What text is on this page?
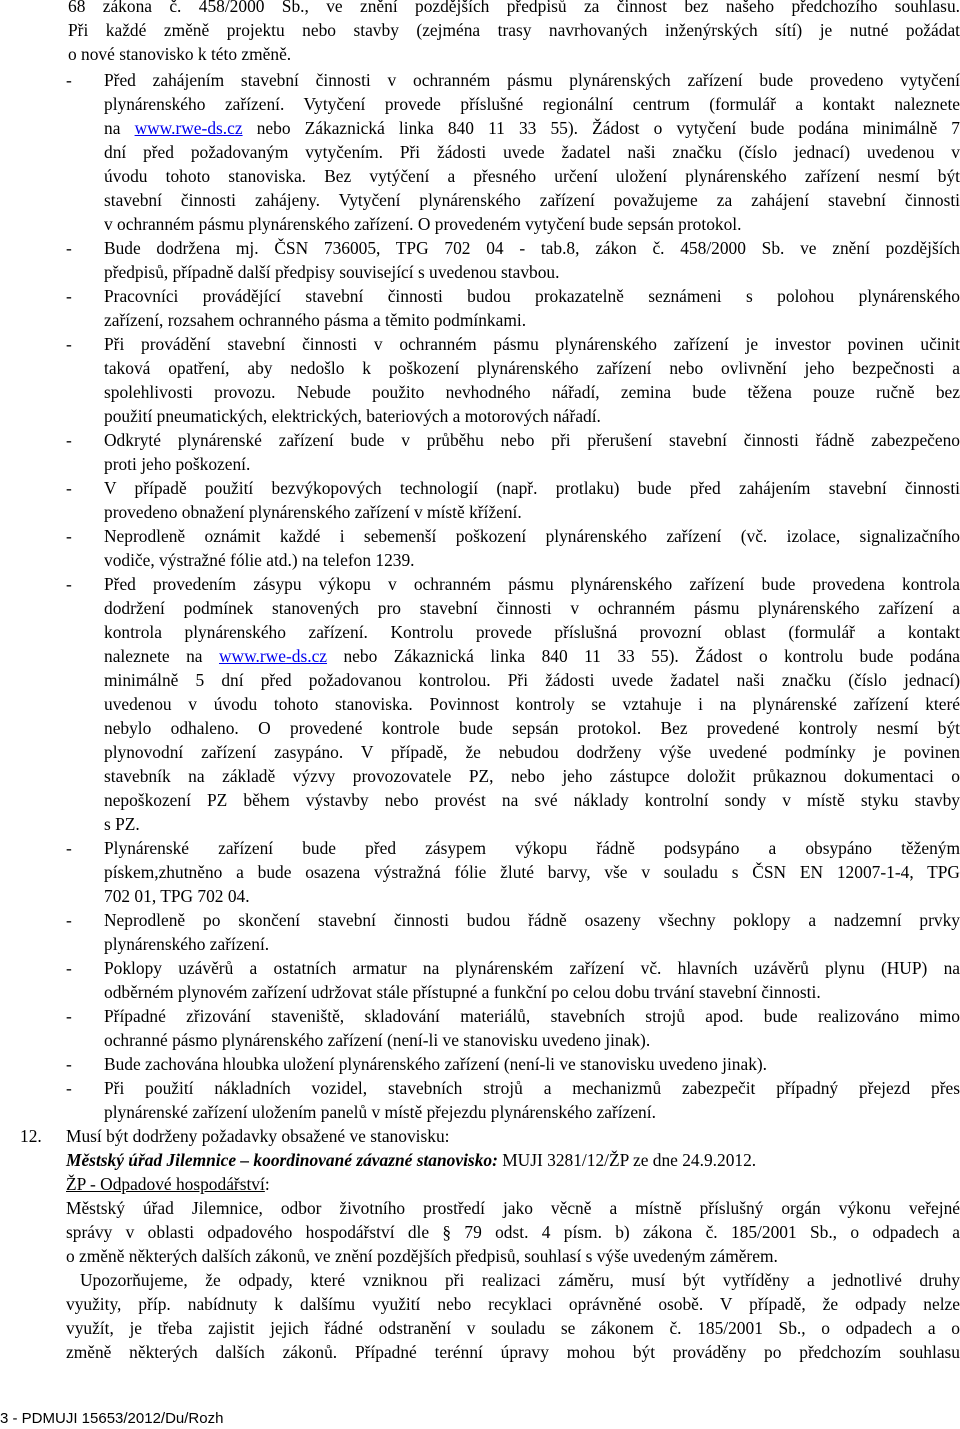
68 zákona č. 458/2000 Sb., ve znění pozdějších předpisů za činnost bez našeho předchozího souhlasu.
Při každé změně projektu nebo stavby (zejména trasy navrhovaných inženýrských sítí) je nutné požádat
o nové stanovisko k této změně.
- Před zahájením stavební činnosti v ochranném pásmu plynárenských zařízení bude provedeno vytyčení
plynárenského zařízení. Vytyčení provede příslušné regionální centrum (formulář a kontakt naleznete
na www.rwe-ds.cz nebo Zákaznická linka 840 11 33 55). Žádost o vytyčení bude podána minimálně 7
dní před požadovaným vytyčením. Při žádosti uvede žadatel naši značku (číslo jednací) uvedenou v
úvodu tohoto stanoviska. Bez vytýčení a přesného určení uložení plynárenského zařízení nesmí být
stavební činnosti zahájeny. Vytyčení plynárenského zařízení považujeme za zahájení stavební činnosti
v ochranném pásmu plynárenského zařízení. O provedeném vytyčení bude sepsán protokol.
- Bude dodržena mj. ČSN 736005, TPG 702 04 - tab.8, zákon č. 458/2000 Sb. ve znění pozdějších
předpisů, případně další předpisy související s uvedenou stavbou.
- Pracovníci provádějící stavební činnosti budou prokazatelně seznámeni s polohou plynárenského
zařízení, rozsahem ochranného pásma a těmito podmínkami.
- Při provádění stavební činnosti v ochranném pásmu plynárenského zařízení je investor povinen učinit
taková opatření, aby nedošlo k poškození plynárenského zařízení nebo ovlivnění jeho bezpečnosti a
spolehlivosti provozu. Nebude použito nevhodného nářadí, zemina bude těžena pouze ručně bez
použití pneumatických, elektrických, bateriových a motorových nářadí.
- Odkryté plynárenské zařízení bude v průběhu nebo při přerušení stavební činnosti řádně zabezpečeno
proti jeho poškození.
- V případě použití bezvýkopových technologií (např. protlaku) bude před zahájením stavební činnosti
provedeno obnažení plynárenského zařízení v místě křížení.
- Neprodleně oznámit každé i sebemenší poškození plynárenského zařízení (vč. izolace, signalizačního
vodiče, výstražné fólie atd.) na telefon 1239.
- Před provedením zásypu výkopu v ochranném pásmu plynárenského zařízení bude provedena kontrola
dodržení podmínek stanovených pro stavební činnosti v ochranném pásmu plynárenského zařízení a
kontrola plynárenského zařízení. Kontrolu provede příslušná provozní oblast (formulář a kontakt
naleznete na www.rwe-ds.cz nebo Zákaznická linka 840 11 33 55). Žádost o kontrolu bude podána
minimálně 5 dní před požadovanou kontrolou. Při žádosti uvede žadatel naši značku (číslo jednací)
uvedenou v úvodu tohoto stanoviska. Povinnost kontroly se vztahuje i na plynárenské zařízení které
nebylo odhaleno. O provedené kontrole bude sepsán protokol. Bez provedené kontroly nesmí být
plynovodní zařízení zasypáno. V případě, že nebudou dodrženy výše uvedené podmínky je povinen
stavebník na základě výzvy provozovatele PZ, nebo jeho zástupce doložit průkaznou dokumentaci o
nepoškození PZ během výstavby nebo provést na své náklady kontrolní sondy v místě styku stavby
s PZ.
- Plynárenské zařízení bude před zásypem výkopu řádně podsypáno a obsypáno těženým
pískem,zhutněno a bude osazena výstražná fólie žluté barvy, vše v souladu s ČSN EN 12007-1-4, TPG
702 01, TPG 702 04.
- Neprodleně po skončení stavební činnosti budou řádně osazeny všechny poklopy a nadzemní prvky
plynárenského zařízení.
- Poklopy uzávěrů a ostatních armatur na plynárenském zařízení vč. hlavních uzávěrů plynu (HUP) na
odběrném plynovém zařízení udržovat stále přístupné a funkční po celou dobu trvání stavební činnosti.
- Případné zřizování staveniště, skladování materiálů, stavebních strojů apod. bude realizováno mimo
ochranné pásmo plynárenského zařízení (není-li ve stanovisku uvedeno jinak).
- Bude zachována hloubka uložení plynárenského zařízení (není-li ve stanovisku uvedeno jinak).
- Při použití nákladních vozidel, stavebních strojů a mechanizmů zabezpečit případný přejezd přes
plynárenské zařízení uložením panelů v místě přejezdu plynárenského zařízení.
12. Musí být dodrženy požadavky obsažené ve stanovisku:
Městský úřad Jilemnice – koordinované závazné stanovisko: MUJI 3281/12/ŽP ze dne 24.9.2012.
ŽP - Odpadové hospodářství:
Městský úřad Jilemnice, odbor životního prostředí jako věcně a místně příslušný orgán výkonu veřejné
správy v oblasti odpadového hospodářství dle § 79 odst. 4 písm. b) zákona č. 185/2001 Sb., o odpadech a
o změně některých dalších zákonů, ve znění pozdějších předpisů, souhlasí s výše uvedeným záměrem.
Upozorňujeme, že odpady, které vzniknou při realizaci záměru, musí být vytříděny a jednotlivé druhy
využity, příp. nabídnuty k dalšímu využití nebo recyklaci oprávněné osobě. V případě, že odpady nelze
využít, je třeba zajistit jejich řádné odstranění v souladu se zákonem č. 185/2001 Sb., o odpadech a o
změně některých dalších zákonů. Případné terénní úpravy mohou být prováděny po předchozím souhlasu
3 - PDMUJI 15653/2012/Du/Rozh
